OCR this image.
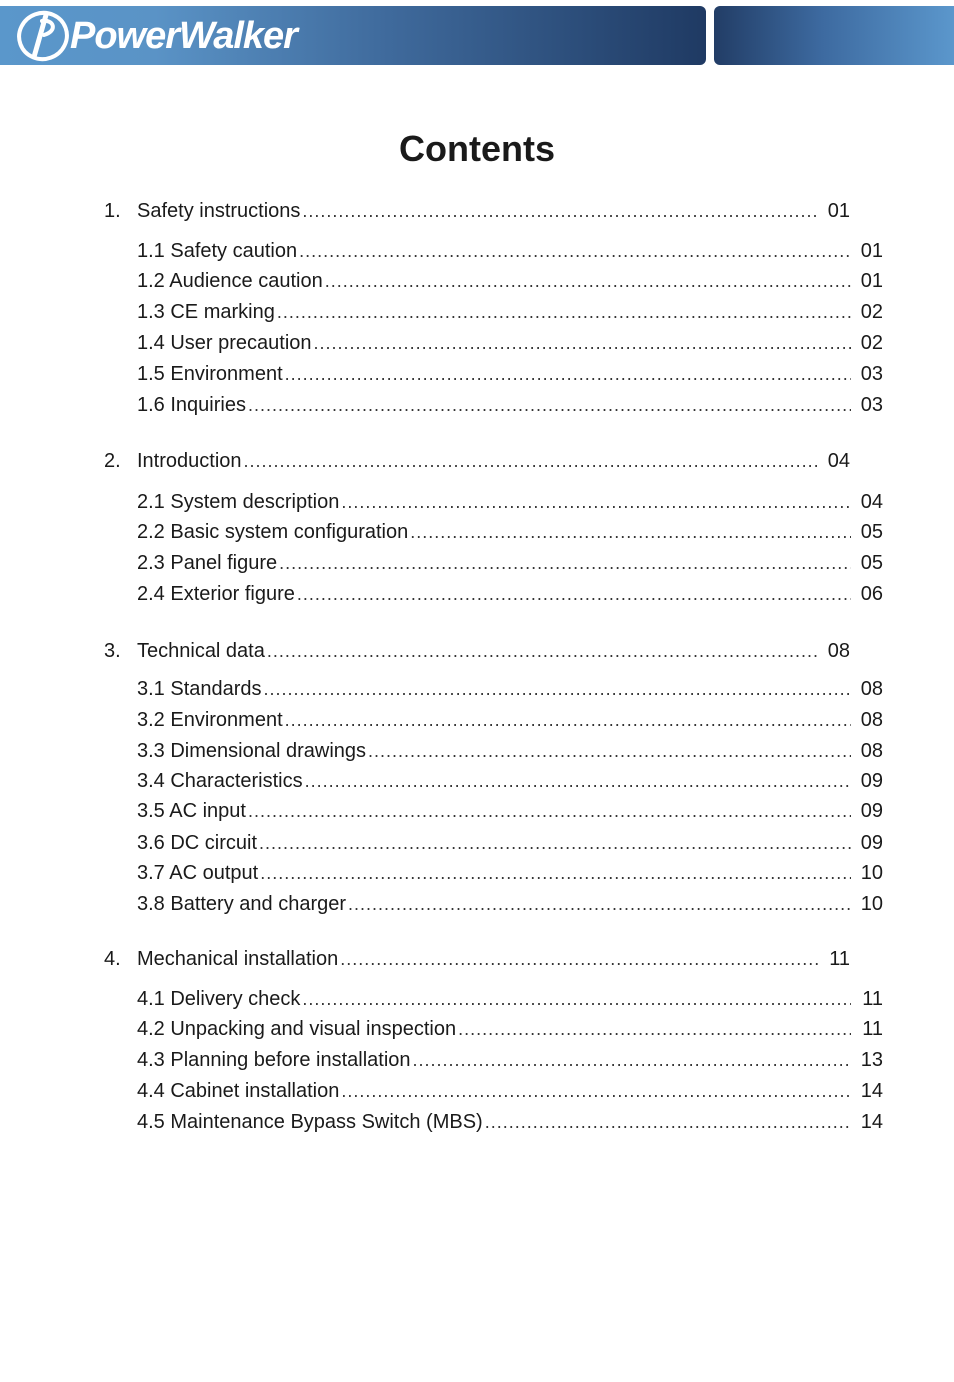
PowerWalker
Contents
1. Safety instructions .....	01
1.1 Safety caution .....	01
1.2 Audience caution .....	01
1.3 CE marking .....	02
1.4 User precaution .....	02
1.5 Environment .....	03
1.6 Inquiries .....	03
2. Introduction .....	04
2.1 System description .....	04
2.2 Basic system configuration .....	05
2.3 Panel figure .....	05
2.4 Exterior figure .....	06
3. Technical data .....	08
3.1 Standards .....	08
3.2 Environment .....	08
3.3 Dimensional drawings .....	08
3.4 Characteristics .....	09
3.5 AC input .....	09
3.6 DC circuit .....	09
3.7 AC output .....	10
3.8 Battery and charger .....	10
4. Mechanical installation .....	11
4.1 Delivery check .....	11
4.2 Unpacking and visual inspection .....	11
4.3 Planning before installation .....	13
4.4 Cabinet installation .....	14
4.5 Maintenance Bypass Switch (MBS) .....	14
